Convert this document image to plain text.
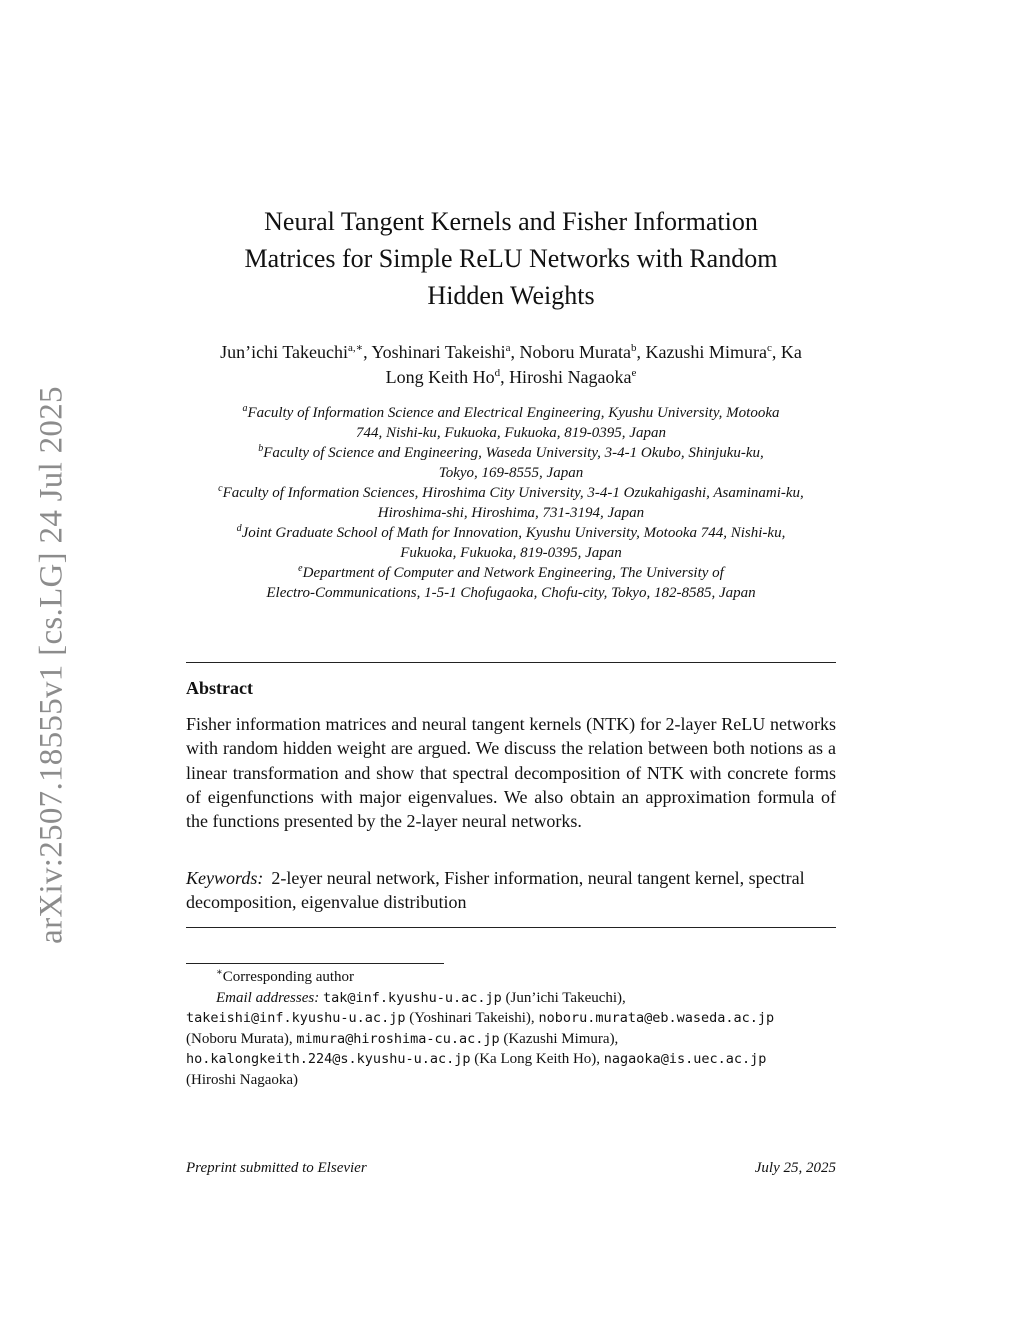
arXiv:2507.18555v1 [cs.LG] 24 Jul 2025
Neural Tangent Kernels and Fisher Information
Matrices for Simple ReLU Networks with Random
Hidden Weights
Jun’ichi Takeuchi$^{a,∗}$, Yoshinari Takeishi$^a$, Noboru Murata$^b$, Kazushi Mimura$^c$, Ka
Long Keith Ho$^d$, Hiroshi Nagaoka$^e$

$^a$Faculty of Information Science and Electrical Engineering, Kyushu University, Motooka

744, Nishi-ku, Fukuoka, Fukuoka, 819-0395, Japan

$^b$Faculty of Science and Engineering, Waseda University, 3-4-1 Okubo, Shinjuku-ku,

Tokyo, 169-8555, Japan

$^c$Faculty of Information Sciences, Hiroshima City University, 3-4-1 Ozukahigashi, Asaminami-ku,

Hiroshima-shi, Hiroshima, 731-3194, Japan

$^d$Joint Graduate School of Math for Innovation, Kyushu University, Motooka 744, Nishi-ku,

Fukuoka, Fukuoka, 819-0395, Japan

$^e$Department of Computer and Network Engineering, The University of

Electro-Communications, 1-5-1 Chofugaoka, Chofu-city, Tokyo, 182-8585, Japan

Abstract

Fisher information matrices and neural tangent kernels (NTK) for 2-layer ReLU networks with random hidden weight are argued. We discuss the relation between both notions as a linear transformation and show that spectral decomposition of NTK with concrete forms of eigenfunctions with major eigenvalues. We also obtain an approximation formula of the functions presented by the 2-layer neural networks.

Keywords: 2-leyer neural network, Fisher information, neural tangent kernel, spectral decomposition, eigenvalue distribution

∗Corresponding author

Email addresses: tak@inf.kyushu-u.ac.jp (Jun’ichi Takeuchi),

takeishi@inf.kyushu-u.ac.jp (Yoshinari Takeishi), noboru.murata@eb.waseda.ac.jp

(Noboru Murata), mimura@hiroshima-cu.ac.jp (Kazushi Mimura),

ho.kalongkeith.224@s.kyushu-u.ac.jp (Ka Long Keith Ho), nagaoka@is.uec.ac.jp

(Hiroshi Nagaoka)

Preprint submitted to Elsevier	July 25, 2025
